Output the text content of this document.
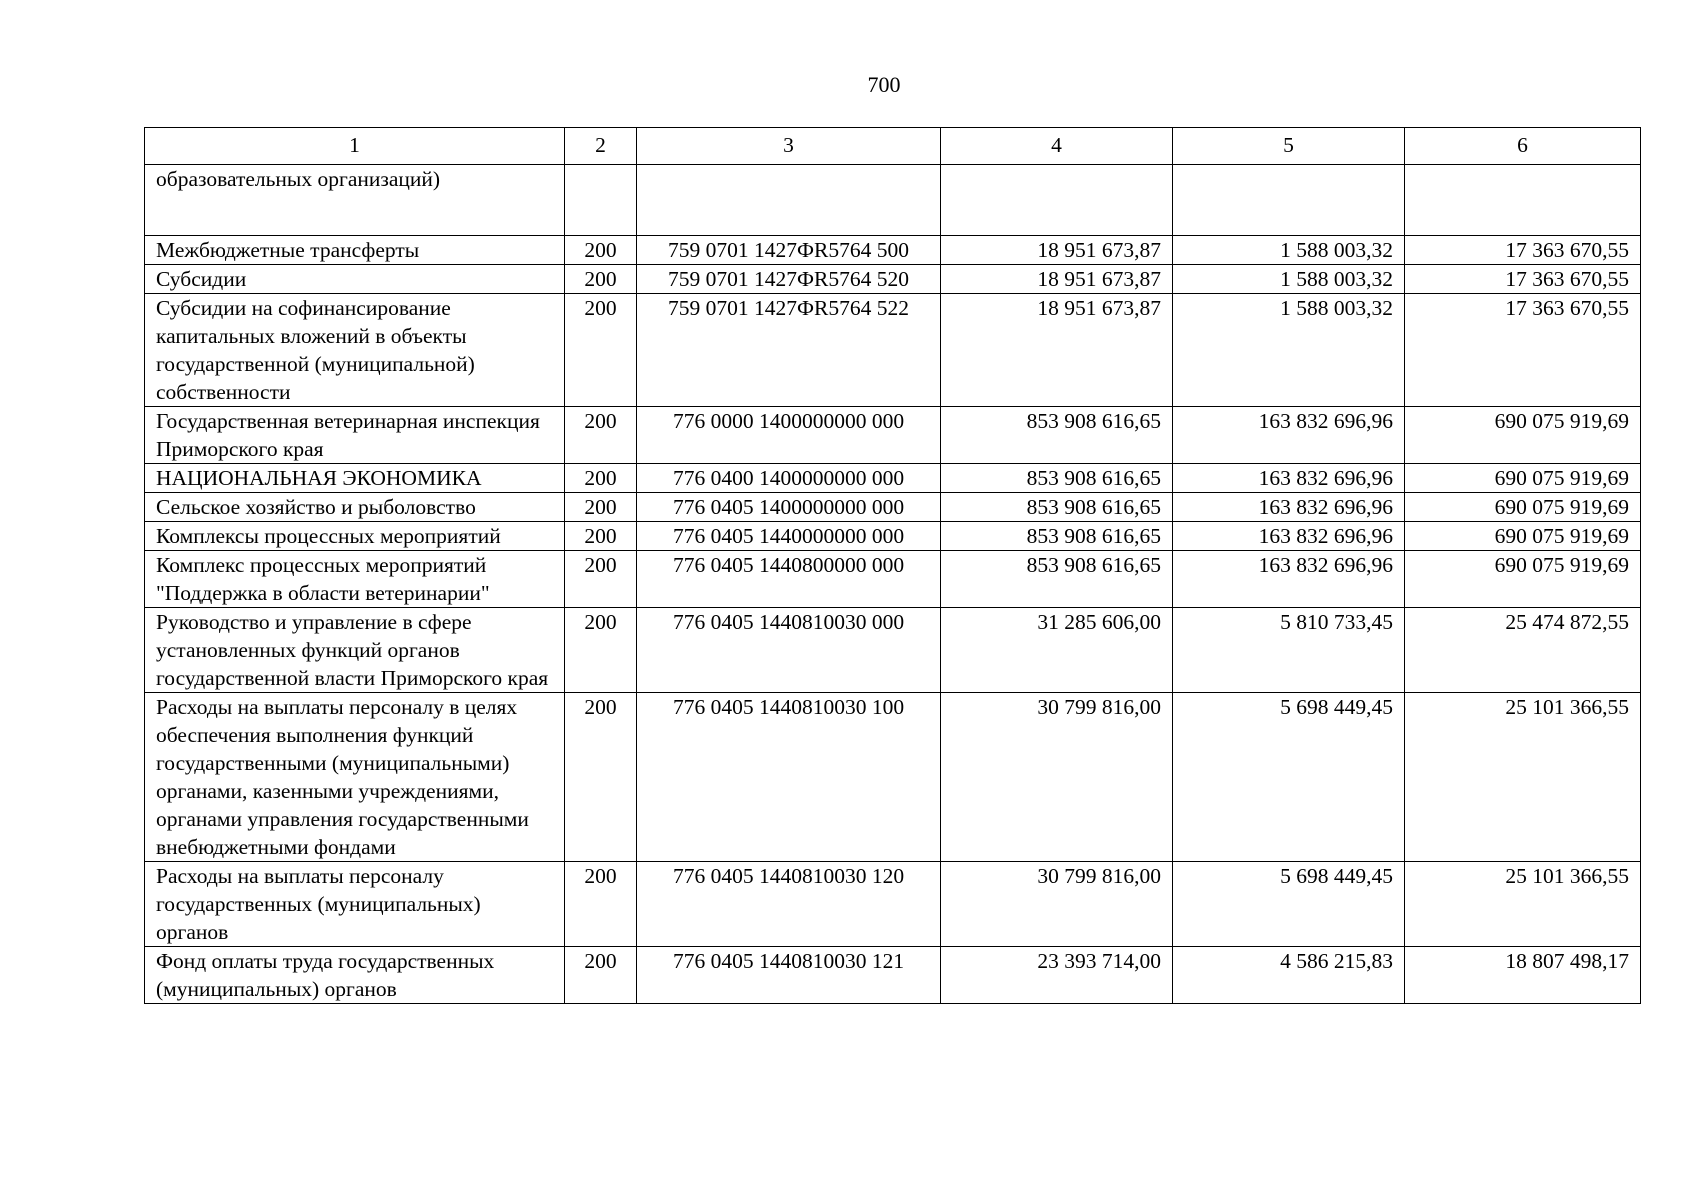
700
1	2	3	4	5	6
образовательных организаций)					
Межбюджетные трансферты	200	759 0701 1427ФR5764 500	18 951 673,87	1 588 003,32	17 363 670,55
Субсидии	200	759 0701 1427ФR5764 520	18 951 673,87	1 588 003,32	17 363 670,55
Субсидии на софинансирование капитальных вложений в объекты государственной (муниципальной) собственности	200	759 0701 1427ФR5764 522	18 951 673,87	1 588 003,32	17 363 670,55
Государственная ветеринарная инспекция Приморского края	200	776 0000 1400000000 000	853 908 616,65	163 832 696,96	690 075 919,69
НАЦИОНАЛЬНАЯ ЭКОНОМИКА	200	776 0400 1400000000 000	853 908 616,65	163 832 696,96	690 075 919,69
Сельское хозяйство и рыболовство	200	776 0405 1400000000 000	853 908 616,65	163 832 696,96	690 075 919,69
Комплексы процессных мероприятий	200	776 0405 1440000000 000	853 908 616,65	163 832 696,96	690 075 919,69
Комплекс процессных мероприятий "Поддержка в области ветеринарии"	200	776 0405 1440800000 000	853 908 616,65	163 832 696,96	690 075 919,69
Руководство и управление в сфере установленных функций органов государственной власти Приморского края	200	776 0405 1440810030 000	31 285 606,00	5 810 733,45	25 474 872,55
Расходы на выплаты персоналу в целях обеспечения выполнения функций государственными (муниципальными) органами, казенными учреждениями, органами управления государственными внебюджетными фондами	200	776 0405 1440810030 100	30 799 816,00	5 698 449,45	25 101 366,55
Расходы на выплаты персоналу государственных (муниципальных) органов	200	776 0405 1440810030 120	30 799 816,00	5 698 449,45	25 101 366,55
Фонд оплаты труда государственных (муниципальных) органов	200	776 0405 1440810030 121	23 393 714,00	4 586 215,83	18 807 498,17
